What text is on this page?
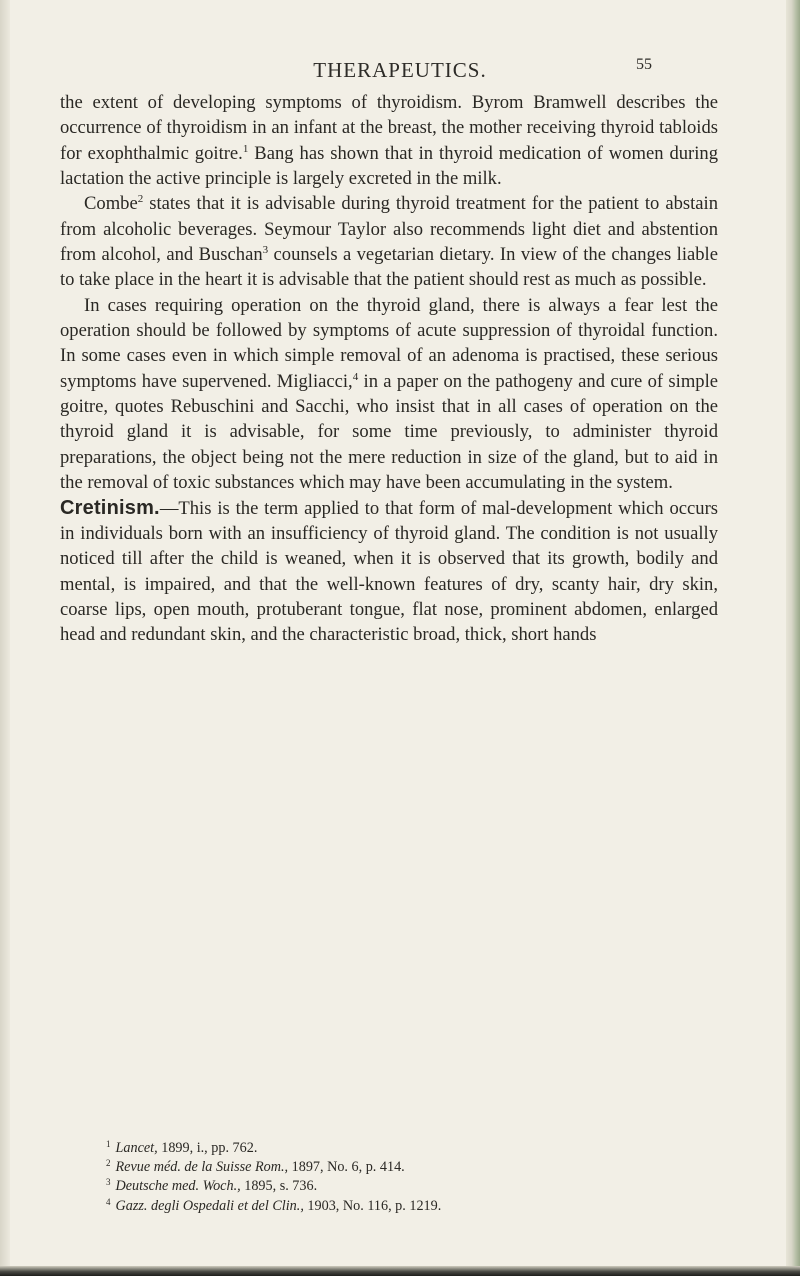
THERAPEUTICS.	55

the extent of developing symptoms of thyroidism. Byrom Bramwell describes the occurrence of thyroidism in an infant at the breast, the mother receiving thyroid tabloids for exophthalmic goitre.$^1$ Bang has shown that in thyroid medication of women during lactation the active principle is largely excreted in the milk.

Combe$^2$ states that it is advisable during thyroid treatment for the patient to abstain from alcoholic beverages. Seymour Taylor also recommends light diet and abstention from alcohol, and Buschan$^3$ counsels a vegetarian dietary. In view of the changes liable to take place in the heart it is advisable that the patient should rest as much as possible.

In cases requiring operation on the thyroid gland, there is always a fear lest the operation should be followed by symptoms of acute suppression of thyroidal function. In some cases even in which simple removal of an adenoma is practised, these serious symptoms have supervened. Migliacci,$^4$ in a paper on the pathogeny and cure of simple goitre, quotes Rebuschini and Sacchi, who insist that in all cases of operation on the thyroid gland it is advisable, for some time previously, to administer thyroid preparations, the object being not the mere reduction in size of the gland, but to aid in the removal of toxic substances which may have been accumulating in the system.

Cretinism.—This is the term applied to that form of mal-development which occurs in individuals born with an insufficiency of thyroid gland. The condition is not usually noticed till after the child is weaned, when it is observed that its growth, bodily and mental, is impaired, and that the well-known features of dry, scanty hair, dry skin, coarse lips, open mouth, protuberant tongue, flat nose, prominent abdomen, enlarged head and redundant skin, and the characteristic broad, thick, short hands

$^1$ Lancet, 1899, i., pp. 762.
$^2$ Revue méd. de la Suisse Rom., 1897, No. 6, p. 414.
$^3$ Deutsche med. Woch., 1895, s. 736.
$^4$ Gazz. degli Ospedali et del Clin., 1903, No. 116, p. 1219.
